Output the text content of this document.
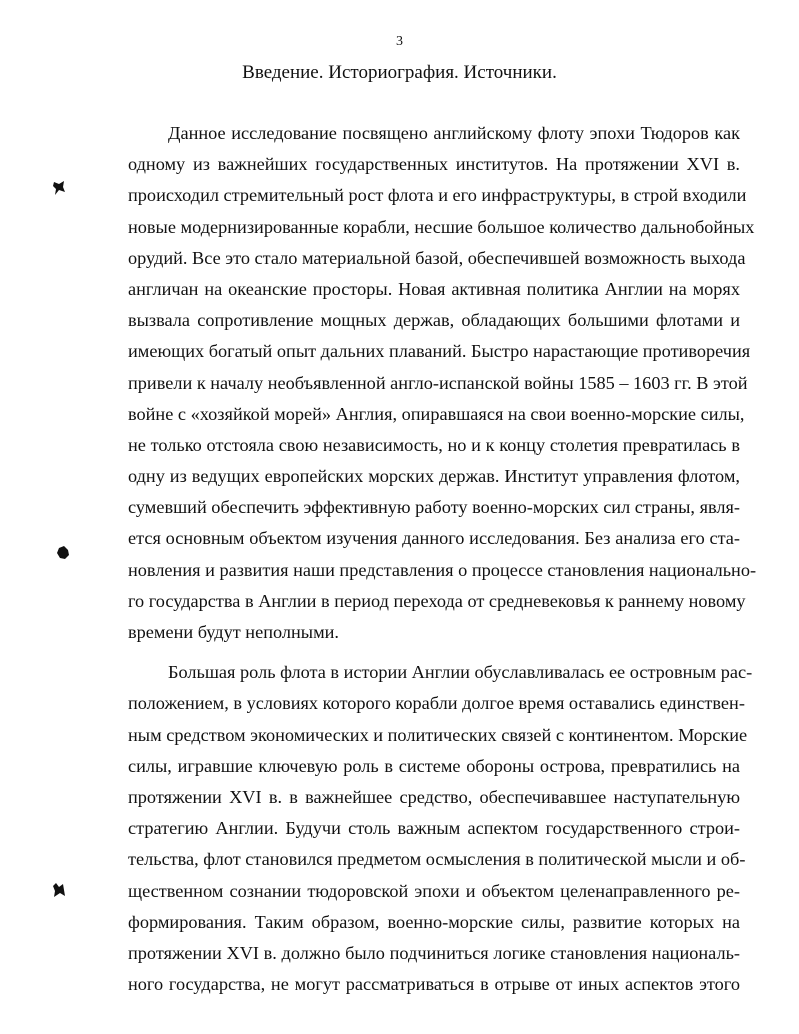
3
Введение. Историография. Источники.
Данное исследование посвящено английскому флоту эпохи Тюдоров как
одному из важнейших государственных институтов. На протяжении XVI в.
происходил стремительный рост флота и его инфраструктуры, в строй входили
новые модернизированные корабли, несшие большое количество дальнобойных
орудий. Все это стало материальной базой, обеспечившей возможность выхода
англичан на океанские просторы. Новая активная политика Англии на морях
вызвала сопротивление мощных держав, обладающих большими флотами и
имеющих богатый опыт дальних плаваний. Быстро нарастающие противоречия
привели к началу необъявленной англо-испанской войны 1585 – 1603 гг. В этой
войне с «хозяйкой морей» Англия, опиравшаяся на свои военно-морские силы,
не только отстояла свою независимость, но и к концу столетия превратилась в
одну из ведущих европейских морских держав. Институт управления флотом,
сумевший обеспечить эффективную работу военно-морских сил страны, явля-
ется основным объектом изучения данного исследования. Без анализа его ста-
новления и развития наши представления о процессе становления национально-
го государства в Англии в период перехода от средневековья к раннему новому
времени будут неполными.
Большая роль флота в истории Англии обуславливалась ее островным рас-
положением, в условиях которого корабли долгое время оставались единствен-
ным средством экономических и политических связей с континентом. Морские
силы, игравшие ключевую роль в системе обороны острова, превратились на
протяжении XVI в. в важнейшее средство, обеспечивавшее наступательную
стратегию Англии. Будучи столь важным аспектом государственного строи-
тельства, флот становился предметом осмысления в политической мысли и об-
щественном сознании тюдоровской эпохи и объектом целенаправленного ре-
формирования. Таким образом, военно-морские силы, развитие которых на
протяжении XVI в. должно было подчиниться логике становления националь-
ного государства, не могут рассматриваться в отрыве от иных аспектов этого
